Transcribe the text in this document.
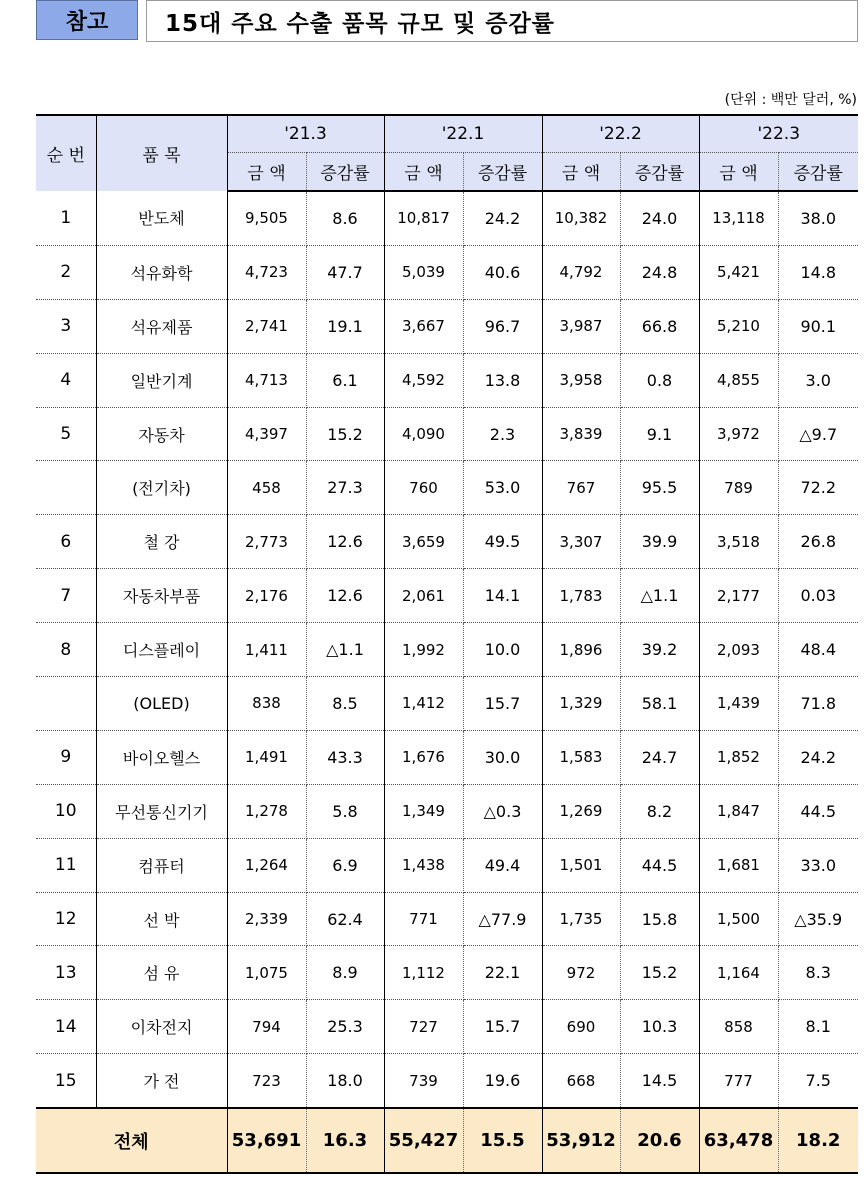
참고	15대 주요 수출 품목 규모 및 증감률
(단위 : 백만 달러, %)
순 번	품 목	'21.3		'22.1		'22.2		'22.3	
		금 액	증감률	금 액	증감률	금 액	증감률	금 액	증감률
1	반도체	9,505	8.6	10,817	24.2	10,382	24.0	13,118	38.0
2	석유화학	4,723	47.7	5,039	40.6	4,792	24.8	5,421	14.8
3	석유제품	2,741	19.1	3,667	96.7	3,987	66.8	5,210	90.1
4	일반기계	4,713	6.1	4,592	13.8	3,958	0.8	4,855	3.0
5	자동차	4,397	15.2	4,090	2.3	3,839	9.1	3,972	△9.7
	(전기차)	458	27.3	760	53.0	767	95.5	789	72.2
6	철 강	2,773	12.6	3,659	49.5	3,307	39.9	3,518	26.8
7	자동차부품	2,176	12.6	2,061	14.1	1,783	△1.1	2,177	0.03
8	디스플레이	1,411	△1.1	1,992	10.0	1,896	39.2	2,093	48.4
	(OLED)	838	8.5	1,412	15.7	1,329	58.1	1,439	71.8
9	바이오헬스	1,491	43.3	1,676	30.0	1,583	24.7	1,852	24.2
10	무선통신기기	1,278	5.8	1,349	△0.3	1,269	8.2	1,847	44.5
11	컴퓨터	1,264	6.9	1,438	49.4	1,501	44.5	1,681	33.0
12	선 박	2,339	62.4	771	△77.9	1,735	15.8	1,500	△35.9
13	섬 유	1,075	8.9	1,112	22.1	972	15.2	1,164	8.3
14	이차전지	794	25.3	727	15.7	690	10.3	858	8.1
15	가 전	723	18.0	739	19.6	668	14.5	777	7.5
전체		53,691	16.3	55,427	15.5	53,912	20.6	63,478	18.2
